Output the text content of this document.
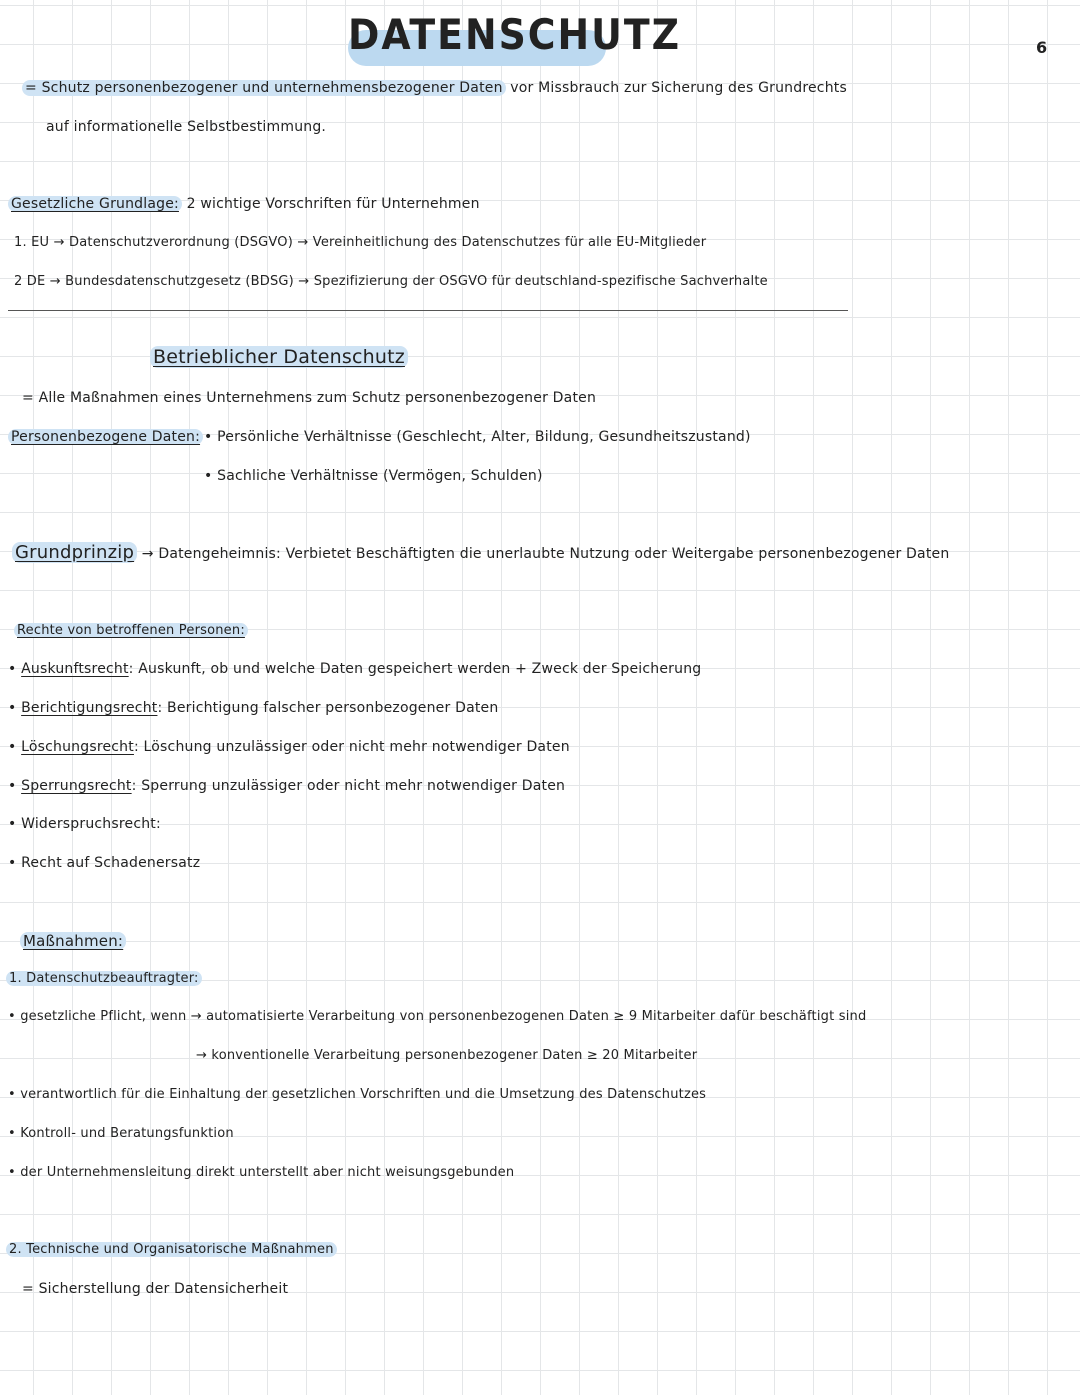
DATENSCHUTZ	6
= Schutz personenbezogener und unternehmensbezogener Daten vor Missbrauch zur Sicherung des Grundrechts
auf informationelle Selbstbestimmung.
Gesetzliche Grundlage: 2 wichtige Vorschriften für Unternehmen
1. EU → Datenschutzverordnung (DSGVO) → Vereinheitlichung des Datenschutzes für alle EU-Mitglieder
2 DE → Bundesdatenschutzgesetz (BDSG) → Spezifizierung der OSGVO für deutschland-spezifische Sachverhalte
Betrieblicher Datenschutz
= Alle Maßnahmen eines Unternehmens zum Schutz personenbezogener Daten
Personenbezogene Daten: • Persönliche Verhältnisse (Geschlecht, Alter, Bildung, Gesundheitszustand)
• Sachliche Verhältnisse (Vermögen, Schulden)
Grundprinzip → Datengeheimnis: Verbietet Beschäftigten die unerlaubte Nutzung oder Weitergabe personenbezogener Daten
Rechte von betroffenen Personen:
• Auskunftsrecht: Auskunft, ob und welche Daten gespeichert werden + Zweck der Speicherung
• Berichtigungsrecht: Berichtigung falscher personbezogener Daten
• Löschungsrecht: Löschung unzulässiger oder nicht mehr notwendiger Daten
• Sperrungsrecht: Sperrung unzulässiger oder nicht mehr notwendiger Daten
• Widerspruchsrecht:
• Recht auf Schadenersatz
Maßnahmen:
1. Datenschutzbeauftragter:
• gesetzliche Pflicht, wenn → automatisierte Verarbeitung von personenbezogenen Daten ≥ 9 Mitarbeiter dafür beschäftigt sind
→ konventionelle Verarbeitung personenbezogener Daten ≥ 20 Mitarbeiter
• verantwortlich für die Einhaltung der gesetzlichen Vorschriften und die Umsetzung des Datenschutzes
• Kontroll- und Beratungsfunktion
• der Unternehmensleitung direkt unterstellt aber nicht weisungsgebunden
2. Technische und Organisatorische Maßnahmen
= Sicherstellung der Datensicherheit
